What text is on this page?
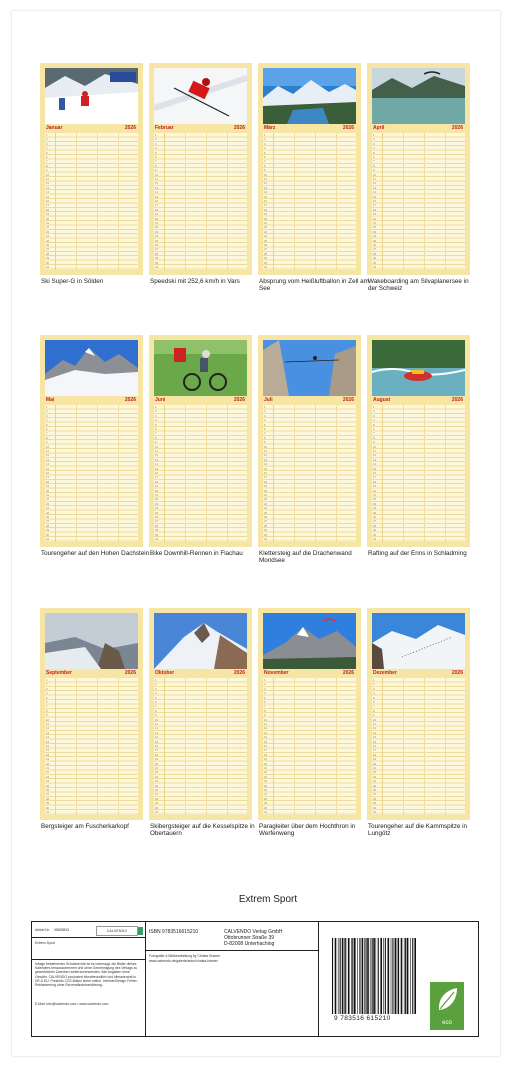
Januar	2026
1
2
3
4
5
6
7
8
9
10
11
12
13
14
15
16
17
18
19
20
21
22
23
24
25
26
27
28
29
30
31
Ski Super-G in Sölden
Februar	2026
1
2
3
4
5
6
7
8
9
10
11
12
13
14
15
16
17
18
19
20
21
22
23
24
25
26
27
28
29
30
31
Speedski mit 252,6 km/h in Vars
März	2026
1
2
3
4
5
6
7
8
9
10
11
12
13
14
15
16
17
18
19
20
21
22
23
24
25
26
27
28
29
30
31
Absprung vom Heißluftballon in Zell am See
April	2026
1
2
3
4
5
6
7
8
9
10
11
12
13
14
15
16
17
18
19
20
21
22
23
24
25
26
27
28
29
30
31
Wakeboarding am Silvaplanersee in der Schweiz
Mai	2026
1
2
3
4
5
6
7
8
9
10
11
12
13
14
15
16
17
18
19
20
21
22
23
24
25
26
27
28
29
30
31
Tourengeher auf den Hohen Dachstein
Juni	2026
1
2
3
4
5
6
7
8
9
10
11
12
13
14
15
16
17
18
19
20
21
22
23
24
25
26
27
28
29
30
31
Bike Downhill-Rennen in Flachau
Juli	2026
1
2
3
4
5
6
7
8
9
10
11
12
13
14
15
16
17
18
19
20
21
22
23
24
25
26
27
28
29
30
31
Klettersteig auf die Drachenwand Mondsee
August	2026
1
2
3
4
5
6
7
8
9
10
11
12
13
14
15
16
17
18
19
20
21
22
23
24
25
26
27
28
29
30
31
Rafting auf der Enns in Schladming
September	2026
1
2
3
4
5
6
7
8
9
10
11
12
13
14
15
16
17
18
19
20
21
22
23
24
25
26
27
28
29
30
31
Bergsteiger am Fuscherkarkopf
Oktober	2026
1
2
3
4
5
6
7
8
9
10
11
12
13
14
15
16
17
18
19
20
21
22
23
24
25
26
27
28
29
30
31
Skibergsteiger auf die Kesselspitze in Obertauern
November	2026
1
2
3
4
5
6
7
8
9
10
11
12
13
14
15
16
17
18
19
20
21
22
23
24
25
26
27
28
29
30
31
Paragleiter über dem Hochthron in Werfenweng
Dezember	2026
1
2
3
4
5
6
7
8
9
10
11
12
13
14
15
16
17
18
19
20
21
22
23
24
25
26
27
28
29
30
31
Tourengeher auf die Kammspitze in Lungötz
Extrem Sport
Artikel Nr. 35829843	CALVENDO
Extrem Sport
Infolge bestehender Schutzrechte ist es untersagt, die Bilder dieses Kalenders herauszutrennen und ohne Genehmigung des Verlags zu gewerblichen Zwecken weiterzuverwenden. Alle Angaben ohne Gewähr. CALVENDO produziert klimafreundlich und klimaneutral in DE & EU. Preisinfo CO2-Bilanz siehe online. Irrtümer/Design Fehler-Reklamierung ohne Einverständniserklärung.
E-Mail: info@calvendo.com • www.calvendo.com
ISBN 9783516615210	CALVENDO Verlag GmbH
Ottobrunner Straße 39
D-82008 Unterhaching
Fotografie & Bildbearbeitung by Christa Kramer
www.calvendo.de/galerie/autor/christa-kramer
9 783516 615210
eco
